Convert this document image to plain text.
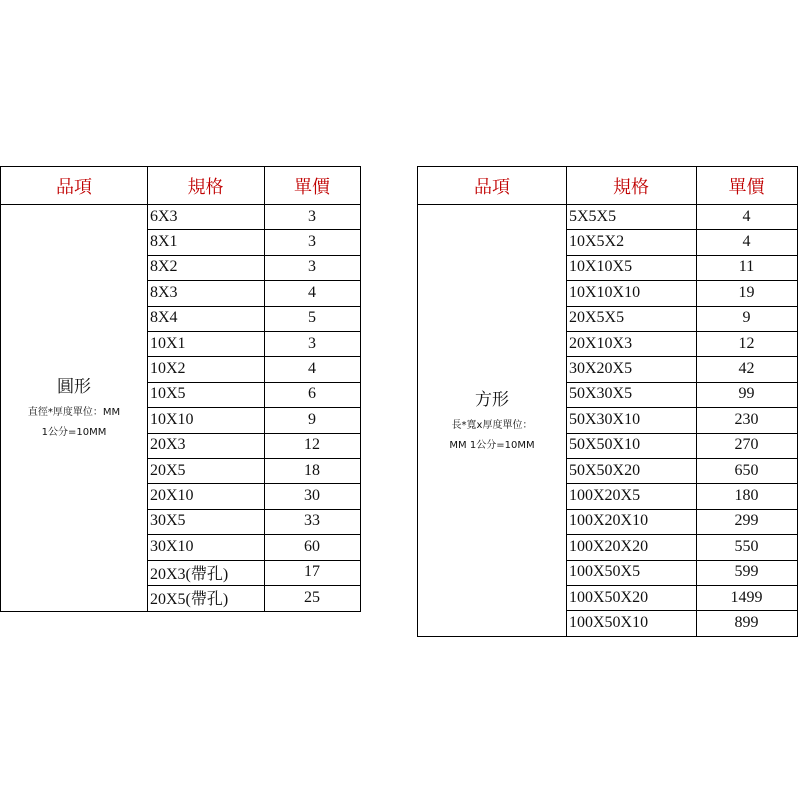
品項	規格	單價
圓形
直徑*厚度單位：MM
1公分=10MM
6X3	3
8X1	3
8X2	3
8X3	4
8X4	5
10X1	3
10X2	4
10X5	6
10X10	9
20X3	12
20X5	18
20X10	30
30X5	33
30X10	60
20X3(帶孔)	17
20X5(帶孔)	25
品項	規格	單價
方形
長*寬x厚度單位：
MM 1公分=10MM
5X5X5	4
10X5X2	4
10X10X5	11
10X10X10	19
20X5X5	9
20X10X3	12
30X20X5	42
50X30X5	99
50X30X10	230
50X50X10	270
50X50X20	650
100X20X5	180
100X20X10	299
100X20X20	550
100X50X5	599
100X50X20	1499
100X50X10	899
